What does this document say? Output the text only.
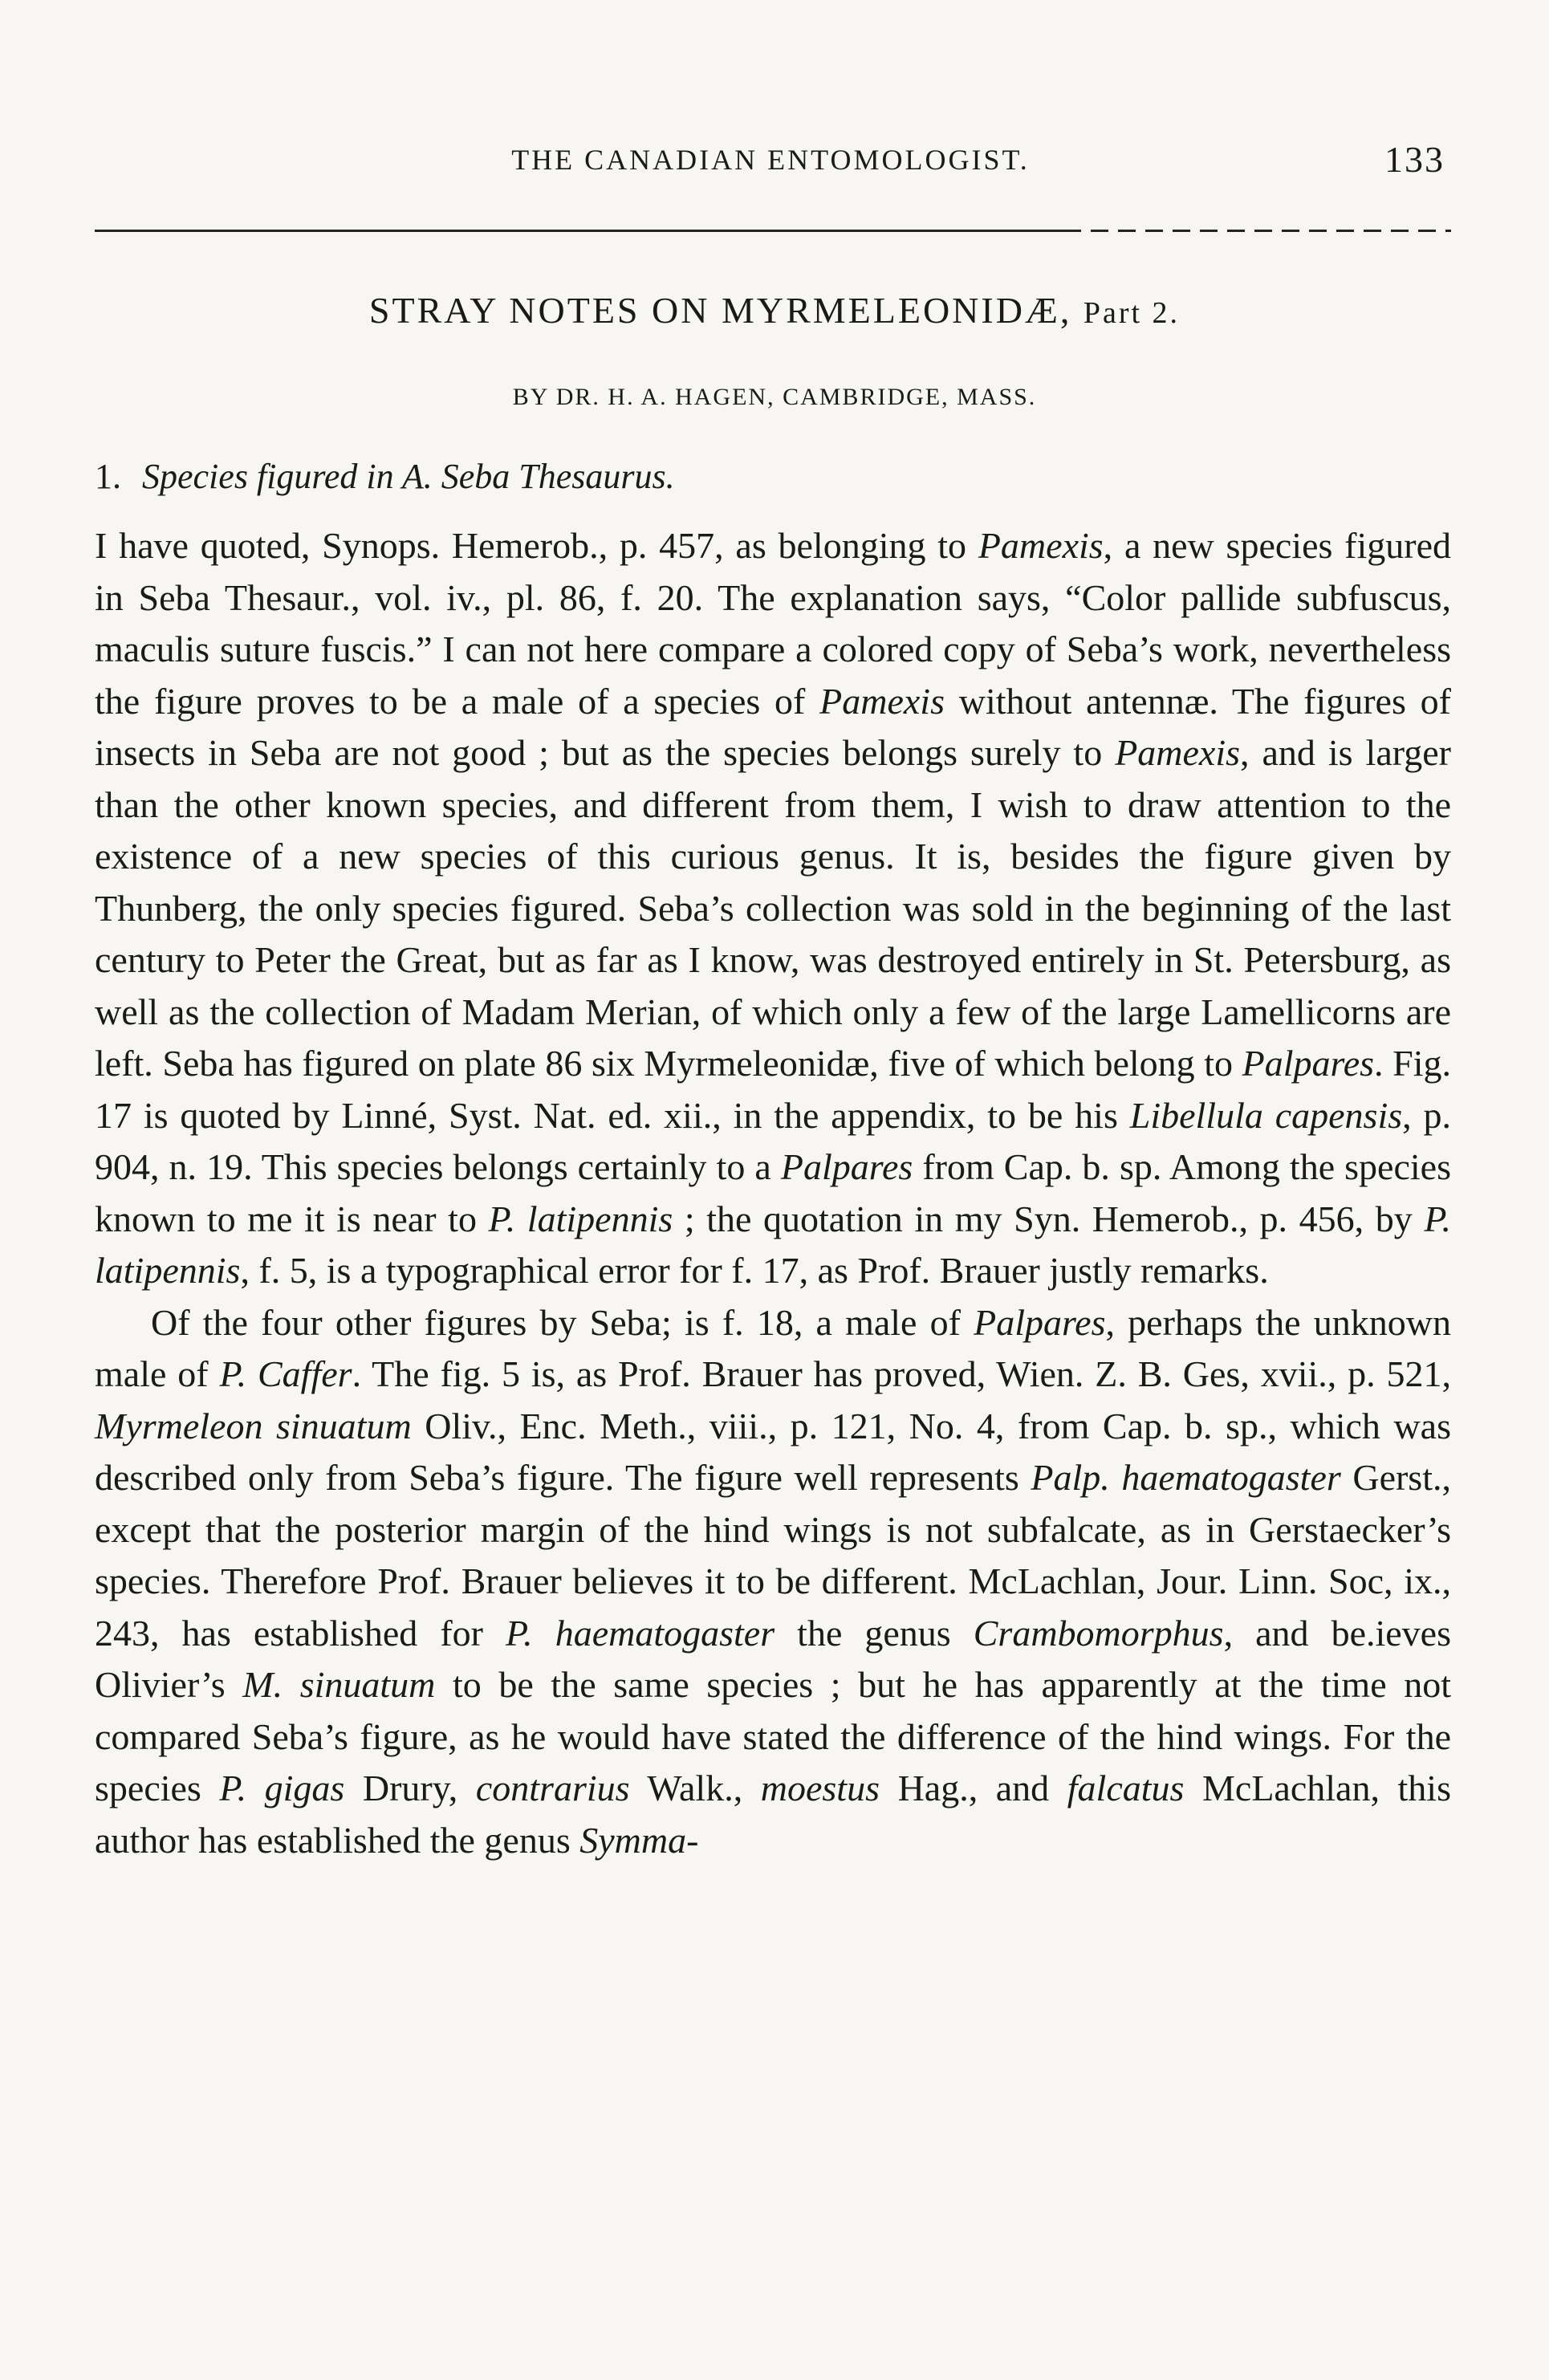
THE CANADIAN ENTOMOLOGIST.	133
STRAY NOTES ON MYRMELEONIDÆ, Part 2.
BY DR. H. A. HAGEN, CAMBRIDGE, MASS.
1. Species figured in A. Seba Thesaurus.

I have quoted, Synops. Hemerob., p. 457, as belonging to Pamexis, a new species figured in Seba Thesaur., vol. iv., pl. 86, f. 20. The explanation says, “Color pallide subfuscus, maculis suture fuscis.” I can not here compare a colored copy of Seba’s work, nevertheless the figure proves to be a male of a species of Pamexis without antennæ. The figures of insects in Seba are not good ; but as the species belongs surely to Pamexis, and is larger than the other known species, and different from them, I wish to draw attention to the existence of a new species of this curious genus. It is, besides the figure given by Thunberg, the only species figured. Seba’s collection was sold in the beginning of the last century to Peter the Great, but as far as I know, was destroyed entirely in St. Petersburg, as well as the collection of Madam Merian, of which only a few of the large Lamellicorns are left. Seba has figured on plate 86 six Myrmeleonidæ, five of which belong to Palpares. Fig. 17 is quoted by Linné, Syst. Nat. ed. xii., in the appendix, to be his Libellula capensis, p. 904, n. 19. This species belongs certainly to a Palpares from Cap. b. sp. Among the species known to me it is near to P. latipennis ; the quotation in my Syn. Hemerob., p. 456, by P. latipennis, f. 5, is a typographical error for f. 17, as Prof. Brauer justly remarks.

Of the four other figures by Seba; is f. 18, a male of Palpares, perhaps the unknown male of P. Caffer. The fig. 5 is, as Prof. Brauer has proved, Wien. Z. B. Ges, xvii., p. 521, Myrmeleon sinuatum Oliv., Enc. Meth., viii., p. 121, No. 4, from Cap. b. sp., which was described only from Seba’s figure. The figure well represents Palp. haematogaster Gerst., except that the posterior margin of the hind wings is not subfalcate, as in Gerstaecker’s species. Therefore Prof. Brauer believes it to be different. McLachlan, Jour. Linn. Soc, ix., 243, has established for P. haematogaster the genus Crambomorphus, and be.ieves Olivier’s M. sinuatum to be the same species ; but he has apparently at the time not compared Seba’s figure, as he would have stated the difference of the hind wings. For the species P. gigas Drury, contrarius Walk., moestus Hag., and falcatus McLachlan, this author has established the genus Symma-
